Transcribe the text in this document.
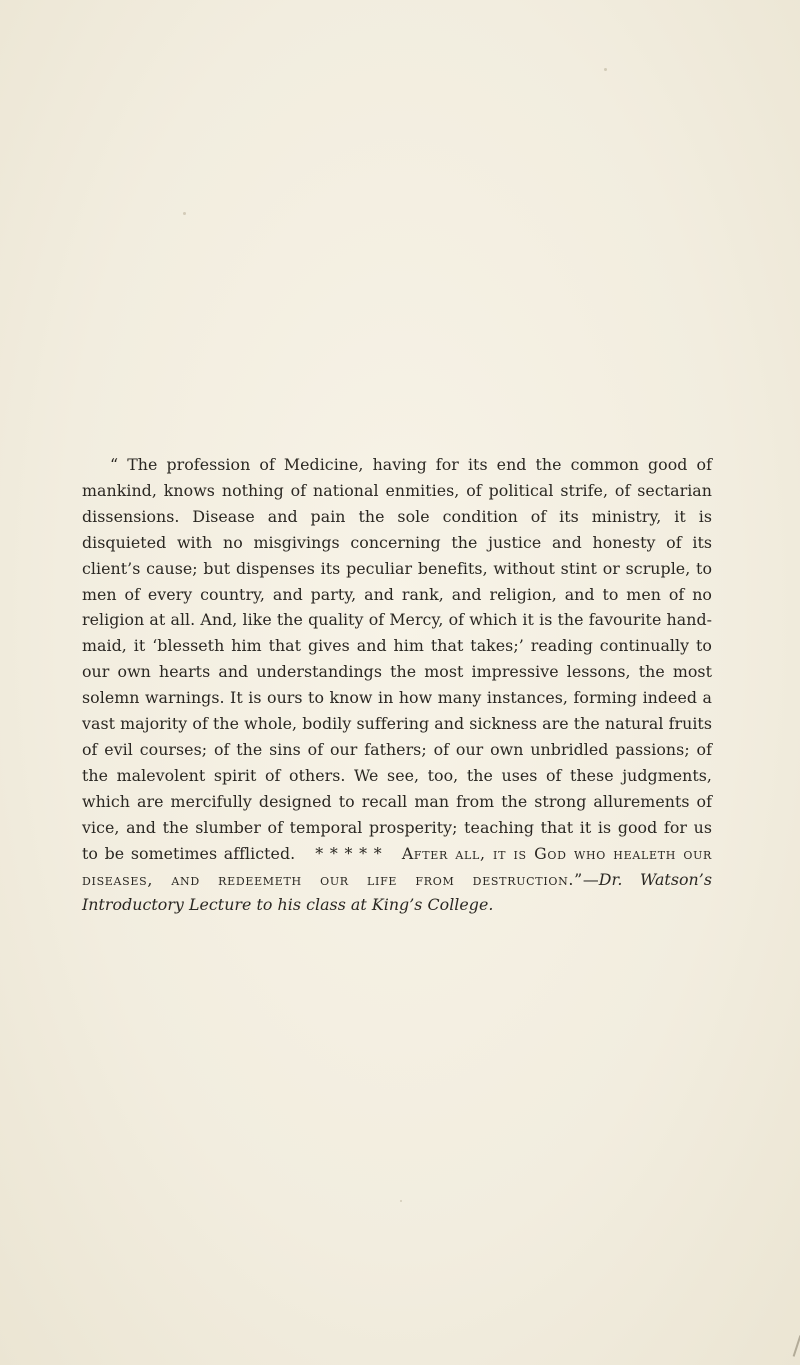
“ The profession of Medicine, having for its end the common good of mankind, knows nothing of national enmities, of political strife, of sectarian dissensions. Disease and pain the sole condition of its ministry, it is disquieted with no misgivings concerning the justice and honesty of its client’s cause; but dispenses its peculiar benefits, without stint or scruple, to men of every country, and party, and rank, and religion, and to men of no religion at all. And, like the quality of Mercy, of which it is the favourite hand-maid, it ‘blesseth him that gives and him that takes;’ reading continually to our own hearts and understandings the most impressive lessons, the most solemn warnings. It is ours to know in how many instances, forming indeed a vast majority of the whole, bodily suffering and sickness are the natural fruits of evil courses; of the sins of our fathers; of our own unbridled passions; of the malevolent spirit of others. We see, too, the uses of these judgments, which are mercifully designed to recall man from the strong allurements of vice, and the slumber of temporal prosperity; teaching that it is good for us to be sometimes afflicted. * * * * * After all, it is God who healeth our diseases, and redeemeth our life from destruction.”—Dr. Watson’s Introductory Lecture to his class at King’s College.
